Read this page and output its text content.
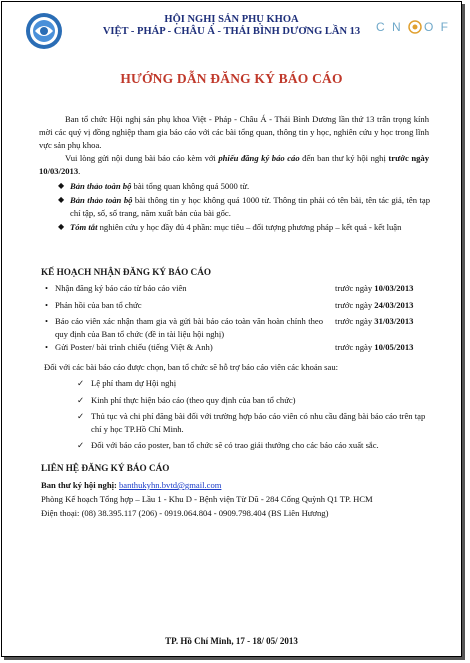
HỘI NGHỊ SẢN PHỤ KHOA
VIỆT - PHÁP - CHÂU Á - THÁI BÌNH DƯƠNG LẦN 13	C N O F
HƯỚNG DẪN ĐĂNG KÝ BÁO CÁO
Ban tổ chức Hội nghị sản phụ khoa Việt - Pháp - Châu Á - Thái Bình Dương lần thứ 13 trân trọng kính mời các quý vị đồng nghiệp tham gia báo cáo với các bài tổng quan, thông tin y học, nghiên cứu y học trong lĩnh vực sản phụ khoa.
Vui lòng gửi nội dung bài báo cáo kèm với phiếu đăng ký báo cáo đến ban thư ký hội nghị trước ngày 10/03/2013.
◆ Bản thảo toàn bộ bài tổng quan không quá 5000 từ.
◆ Bản thảo toàn bộ bài thông tin y học không quá 1000 từ. Thông tin phải có tên bài, tên tác giả, tên tạp chí tập, số, số trang, năm xuất bản của bài gốc.
◆ Tóm tắt nghiên cứu y học đầy đủ 4 phần: mục tiêu – đối tượng phương pháp – kết quả - kết luận
KẾ HOẠCH NHẬN ĐĂNG KÝ BÁO CÁO
• Nhận đăng ký báo cáo từ báo cáo viên	trước ngày 10/03/2013
• Phản hồi của ban tổ chức	trước ngày 24/03/2013
• Báo cáo viên xác nhận tham gia và gửi bài báo cáo toàn văn hoàn chỉnh theo quy định của Ban tổ chức (đề in tài liệu hội nghị)
trước ngày 31/03/2013
• Gửi Poster/ bài trình chiếu (tiếng Việt & Anh)	trước ngày 10/05/2013
Đối với các bài báo cáo được chọn, ban tổ chức sẽ hỗ trợ báo cáo viên các khoản sau:
✓ Lệ phí tham dự Hội nghị
✓ Kinh phí thực hiện báo cáo (theo quy định của ban tổ chức)
✓ Thủ tục và chi phí đăng bài đối với trường hợp báo cáo viên có nhu cầu đăng bài báo cáo trên tạp chí y học TP.Hồ Chí Minh.
✓ Đối với báo cáo poster, ban tổ chức sẽ có trao giải thưởng cho các báo cáo xuất sắc.
LIÊN HỆ ĐĂNG KÝ BÁO CÁO
Ban thư ký hội nghị: banthukyhn.bvtd@gmail.com
Phòng Kế hoạch Tổng hợp – Lầu 1 - Khu D - Bệnh viện Từ Dũ - 284 Cống Quỳnh Q1 TP. HCM
Điện thoại: (08) 38.395.117 (206) - 0919.064.804 - 0909.798.404 (BS Liên Hương)
TP. Hồ Chí Minh, 17 - 18/ 05/ 2013
